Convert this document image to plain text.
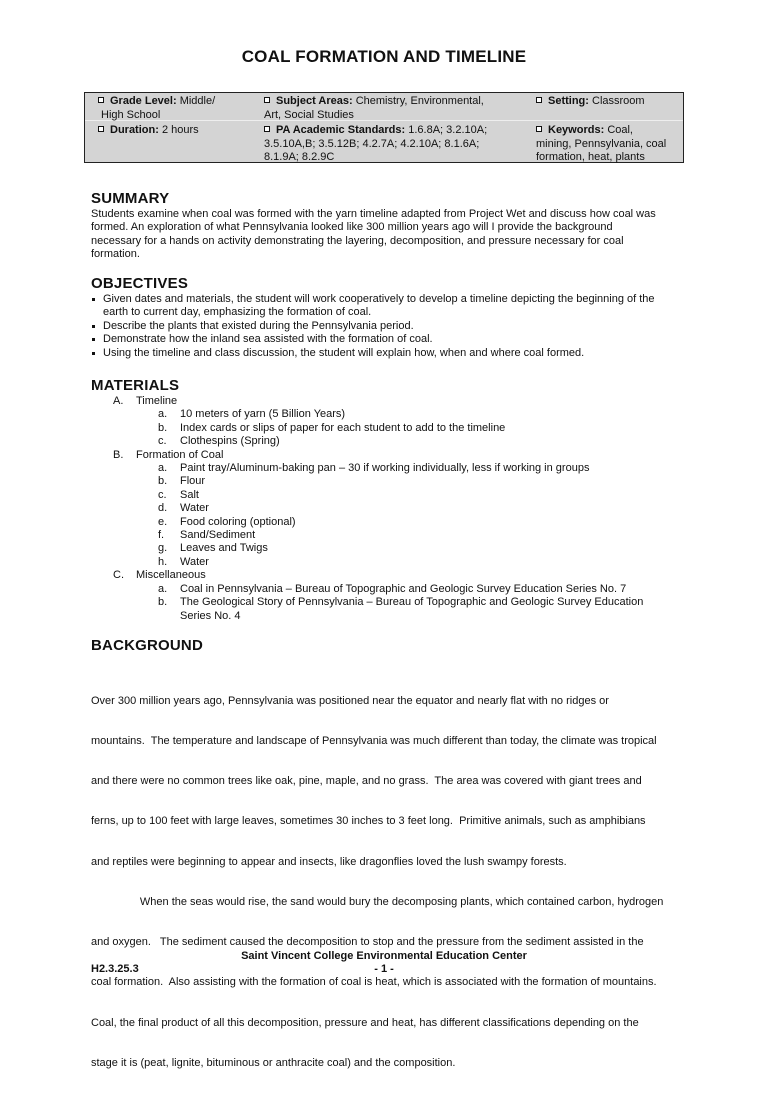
COAL FORMATION AND TIMELINE
Grade Level: Middle/
High School
Subject Areas: Chemistry, Environmental,
Art, Social Studies
Setting: Classroom
Duration: 2 hours	PA Academic Standards: 1.6.8A; 3.2.10A;
3.5.10A,B; 3.5.12B; 4.2.7A; 4.2.10A; 8.1.6A;
8.1.9A; 8.2.9C
Keywords: Coal,
mining, Pennsylvania, coal
formation, heat, plants
SUMMARY
Students examine when coal was formed with the yarn timeline adapted from Project Wet and discuss how coal was
formed. An exploration of what Pennsylvania looked like 300 million years ago will I provide the background
necessary for a hands on activity demonstrating the layering, decomposition, and pressure necessary for coal
formation.
OBJECTIVES
Given dates and materials, the student will work cooperatively to develop a timeline depicting the beginning of the
earth to current day, emphasizing the formation of coal.
Describe the plants that existed during the Pennsylvania period.
Demonstrate how the inland sea assisted with the formation of coal.
Using the timeline and class discussion, the student will explain how, when and where coal formed.
MATERIALS
A. Timeline
a. 10 meters of yarn (5 Billion Years)
b. Index cards or slips of paper for each student to add to the timeline
c. Clothespins (Spring)
B. Formation of Coal
a. Paint tray/Aluminum-baking pan – 30 if working individually, less if working in groups
b. Flour
c. Salt
d. Water
e. Food coloring (optional)
f. Sand/Sediment
g. Leaves and Twigs
h. Water
C. Miscellaneous
a. Coal in Pennsylvania – Bureau of Topographic and Geologic Survey Education Series No. 7
b. The Geological Story of Pennsylvania – Bureau of Topographic and Geologic Survey Education
Series No. 4
BACKGROUND

Over 300 million years ago, Pennsylvania was positioned near the equator and nearly flat with no ridges or

mountains.  The temperature and landscape of Pennsylvania was much different than today, the climate was tropical

and there were no common trees like oak, pine, maple, and no grass.  The area was covered with giant trees and

ferns, up to 100 feet with large leaves, sometimes 30 inches to 3 feet long.  Primitive animals, such as amphibians

and reptiles were beginning to appear and insects, like dragonflies loved the lush swampy forests.

When the seas would rise, the sand would bury the decomposing plants, which contained carbon, hydrogen

and oxygen.   The sediment caused the decomposition to stop and the pressure from the sediment assisted in the

coal formation.  Also assisting with the formation of coal is heat, which is associated with the formation of mountains.

Coal, the final product of all this decomposition, pressure and heat, has different classifications depending on the

stage it is (peat, lignite, bituminous or anthracite coal) and the composition.

Saint Vincent College Environmental Education Center
H2.3.25.3	- 1 -
